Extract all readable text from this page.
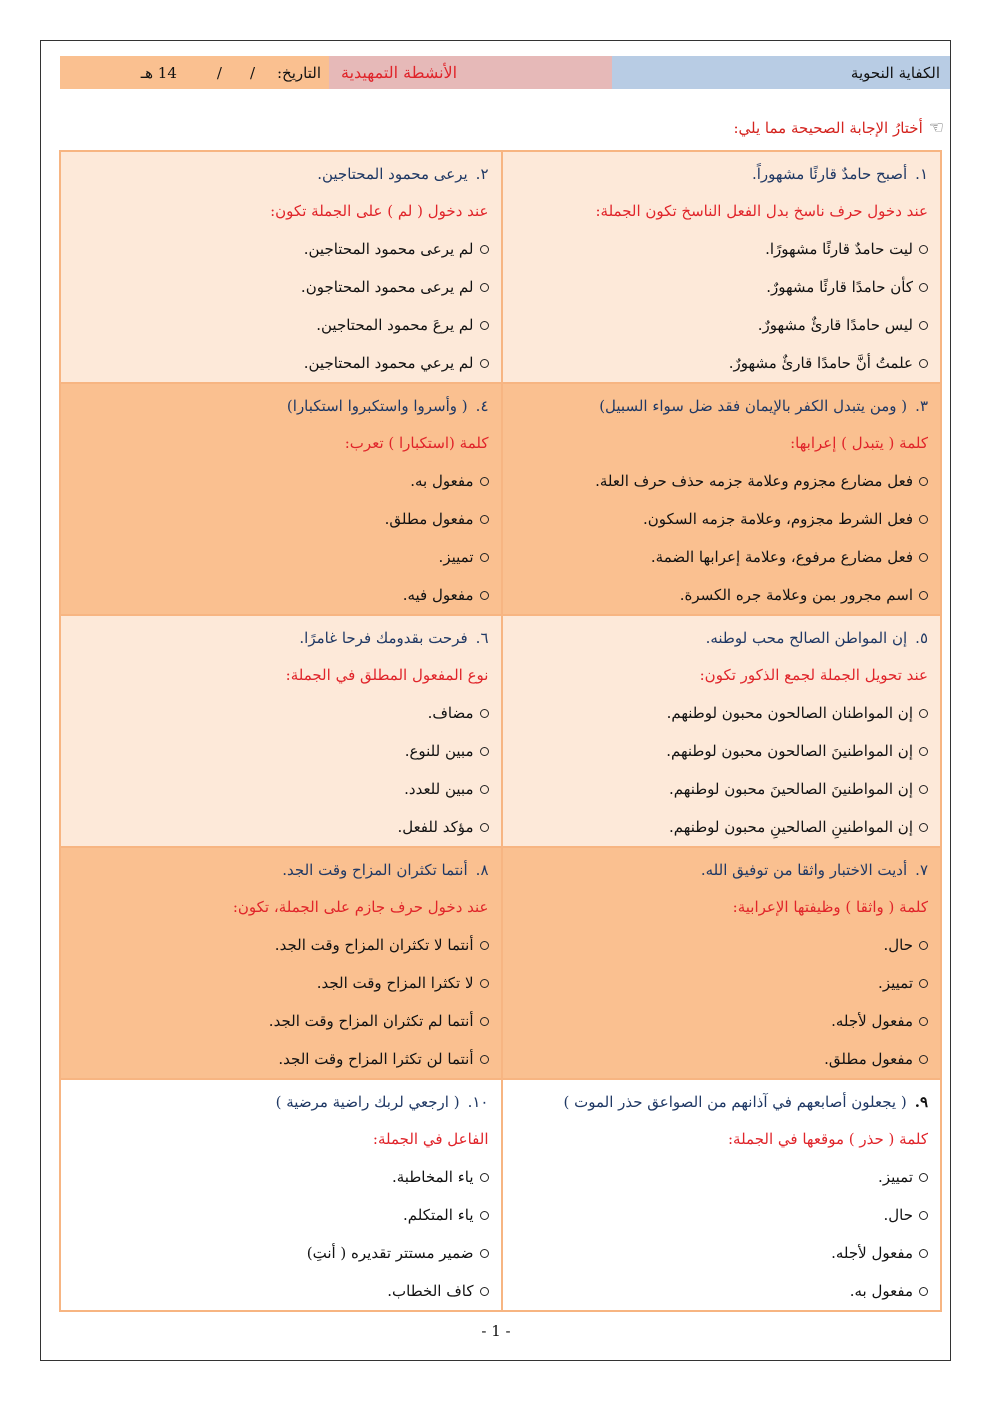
الكفاية النحوية
الأنشطة التمهيدية
التاريخ:
/
/
14 هـ
☜
أختارُ الإجابة الصحيحة مما يلي:
١.أصبح حامدٌ قارئًا مشهوراً.
عند دخول حرف ناسخ بدل الفعل الناسخ تكون الجملة:
ليت حامدٌ قارئًا مشهورًا.
كأن حامدًا قارئًا مشهورٌ.
ليس حامدًا قارئٌ مشهورٌ.
علمتُ أنَّ حامدًا قارئٌ مشهورٌ.
٢.يرعى محمود المحتاجين.
عند دخول ( لم ) على الجملة تكون:
لم يرعى محمود المحتاجين.
لم يرعى محمود المحتاجون.
لم يرعَ محمود المحتاجين.
لم يرعي محمود المحتاجين.
٣.( ومن يتبدل الكفر بالإيمان فقد ضل سواء السبيل)
كلمة ( يتبدل ) إعرابها:
فعل مضارع مجزوم وعلامة جزمه حذف حرف العلة.
فعل الشرط مجزوم، وعلامة جزمه السكون.
فعل مضارع مرفوع، وعلامة إعرابها الضمة.
اسم مجرور بمن وعلامة جره الكسرة.
٤.( وأسروا واستكبروا استكبارا)
كلمة (استكبارا ) تعرب:
مفعول به.
مفعول مطلق.
تمييز.
مفعول فيه.
٥.إن المواطن الصالح محب لوطنه.
عند تحويل الجملة لجمع الذكور تكون:
إن المواطنان الصالحون محبون لوطنهم.
إن المواطنينَ الصالحون محبون لوطنهم.
إن المواطنينَ الصالحينَ محبون لوطنهم.
إن المواطنينِ الصالحينِ محبون لوطنهم.
٦.فرحت بقدومك فرحا غامرًا.
نوع المفعول المطلق في الجملة:
مضاف.
مبين للنوع.
مبين للعدد.
مؤكد للفعل.
٧.أديت الاختبار واثقا من توفيق الله.
كلمة ( واثقا ) وظيفتها الإعرابية:
حال.
تمييز.
مفعول لأجله.
مفعول مطلق.
٨.أنتما تكثران المزاح وقت الجد.
عند دخول حرف جازم على الجملة، تكون:
أنتما لا تكثران المزاح وقت الجد.
لا تكثرا المزاح وقت الجد.
أنتما لم تكثران المزاح وقت الجد.
أنتما لن تكثرا المزاح وقت الجد.
٩.( يجعلون أصابعهم في آذانهم من الصواعق حذر الموت )
كلمة ( حذر ) موقعها في الجملة:
تمييز.
حال.
مفعول لأجله.
مفعول به.
١٠.( ارجعي لربك راضية مرضية )
الفاعل في الجملة:
ياء المخاطبة.
ياء المتكلم.
ضمير مستتر تقديره ( أنتِ)
كاف الخطاب.
- 1 -
